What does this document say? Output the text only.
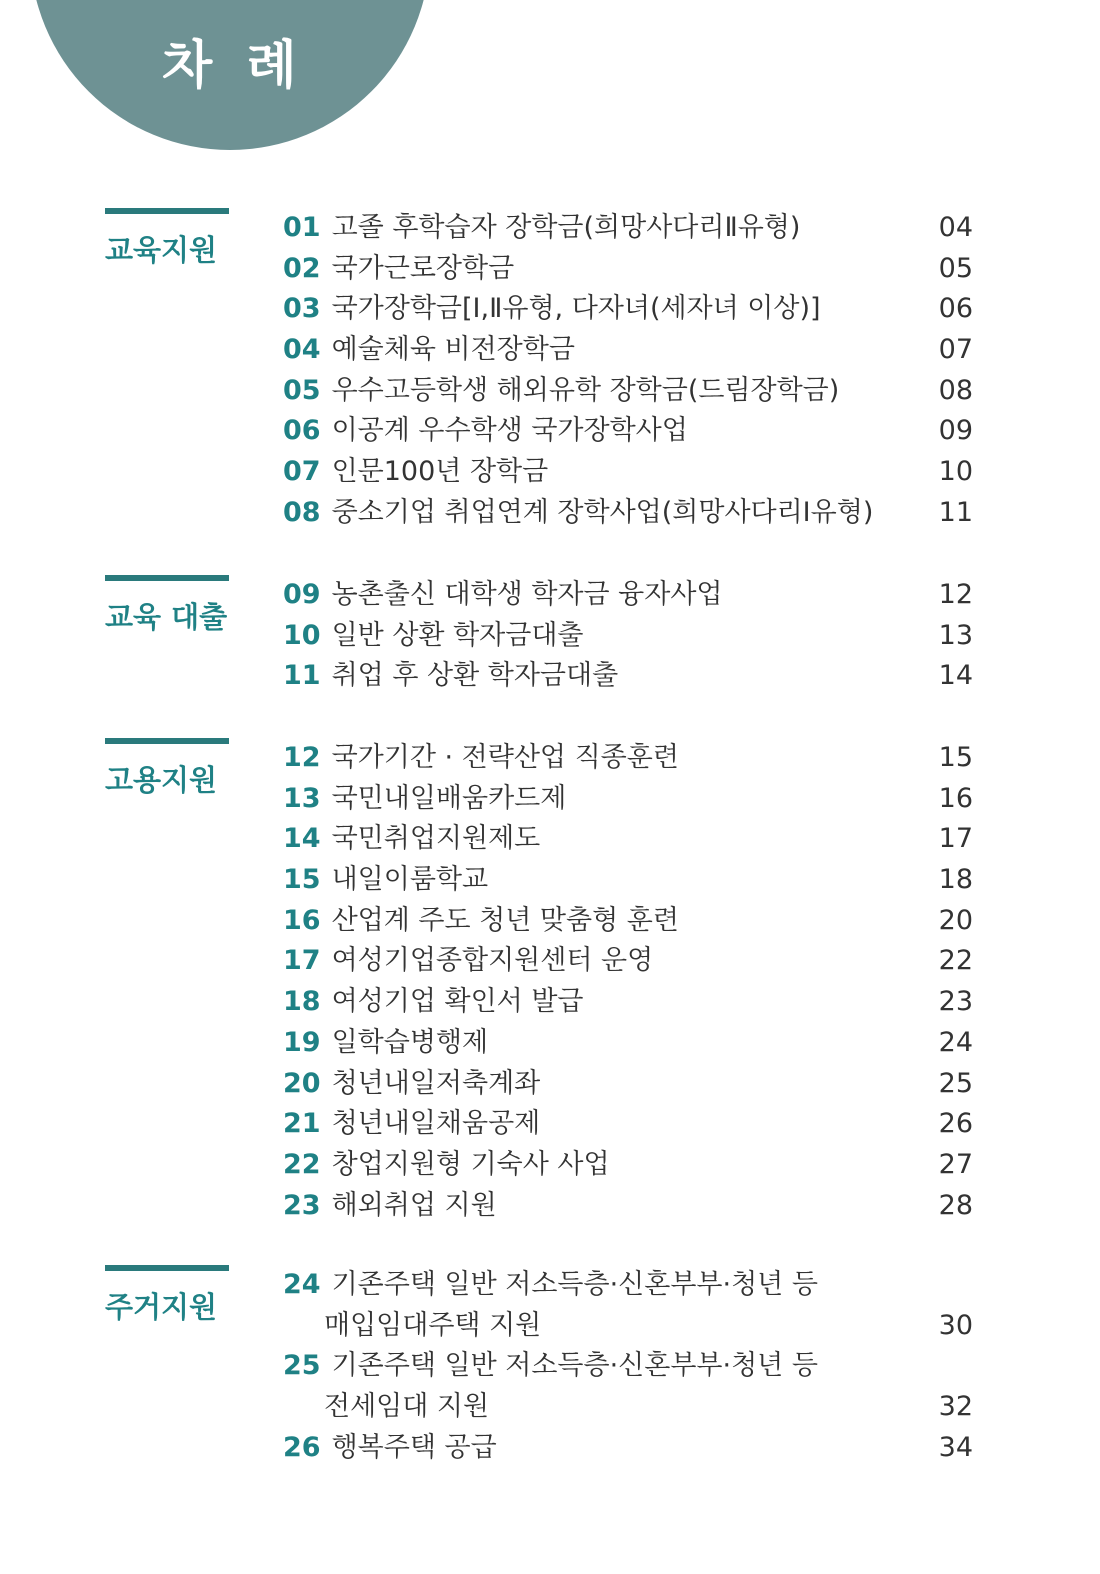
차 례
교육지원
01 고졸 후학습자 장학금(희망사다리Ⅱ유형)	04
02 국가근로장학금	05
03 국가장학금[Ⅰ,Ⅱ유형, 다자녀(세자녀 이상)]	06
04 예술체육 비전장학금	07
05 우수고등학생 해외유학 장학금(드림장학금)	08
06 이공계 우수학생 국가장학사업	09
07 인문100년 장학금	10
08 중소기업 취업연계 장학사업(희망사다리Ⅰ유형) 11
교육 대출
09 농촌출신 대학생 학자금 융자사업	12
10 일반 상환 학자금대출	13
11 취업 후 상환 학자금대출	14
고용지원
12 국가기간 · 전략산업 직종훈련	15
13 국민내일배움카드제	16
14 국민취업지원제도	17
15 내일이룸학교	18
16 산업계 주도 청년 맞춤형 훈련	20
17 여성기업종합지원센터 운영	22
18 여성기업 확인서 발급	23
19 일학습병행제	24
20 청년내일저축계좌	25
21 청년내일채움공제	26
22 창업지원형 기숙사 사업	27
23 해외취업 지원	28
주거지원
24 기존주택 일반 저소득층·신혼부부·청년 등
매입임대주택 지원	30
25 기존주택 일반 저소득층·신혼부부·청년 등
전세임대 지원	32
26 행복주택 공급	34
